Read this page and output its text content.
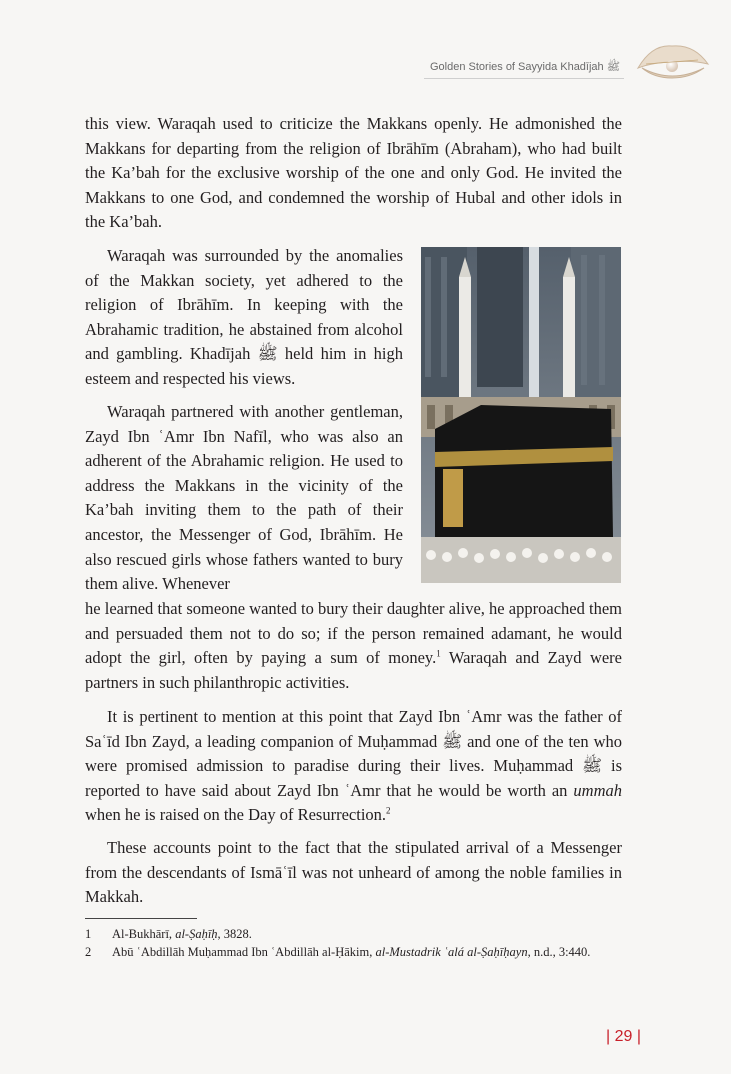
Golden Stories of Sayyida Khadījah ﷺ

this view. Waraqah used to criticize the Makkans openly. He admonished the Makkans for departing from the religion of Ibrāhīm (Abraham), who had built the Ka’bah for the exclusive worship of the one and only God. He invited the Makkans to one God, and condemned the worship of Hubal and other idols in the Ka’bah.

Waraqah was surrounded by the anomalies of the Makkan society, yet adhered to the religion of Ibrāhīm. In keeping with the Abrahamic tradition, he abstained from alcohol and gambling. Khadījah ﷺ held him in high esteem and respected his views.

Waraqah partnered with another gentleman, Zayd Ibn ʿAmr Ibn Nafīl, who was also an adherent of the Abrahamic religion. He used to address the Makkans in the vicinity of the Ka’bah inviting them to the path of their ancestor, the Messenger of God, Ibrāhīm. He also rescued girls whose fathers wanted to bury them alive. Whenever

he learned that someone wanted to bury their daughter alive, he approached them and persuaded them not to do so; if the person remained adamant, he would adopt the girl, often by paying a sum of money.$^1$ Waraqah and Zayd were partners in such philanthropic activities.

It is pertinent to mention at this point that Zayd Ibn ʿAmr was the father of Saʿīd Ibn Zayd, a leading companion of Muḥammad ﷺ and one of the ten who were promised admission to paradise during their lives. Muḥammad ﷺ is reported to have said about Zayd Ibn ʿAmr that he would be worth an ummah when he is raised on the Day of Resurrection.$^2$

These accounts point to the fact that the stipulated arrival of a Messenger from the descendants of Ismāʿīl was not unheard of among the noble families in Makkah.

1	Al-Bukhārī, al-Ṣaḥīḥ, 3828.
2	Abū ʿAbdillāh Muḥammad Ibn ʿAbdillāh al-Ḥākim, al-Mustadrik ʿalá al-Ṣaḥīḥayn, n.d., 3:440.
| 29 |
